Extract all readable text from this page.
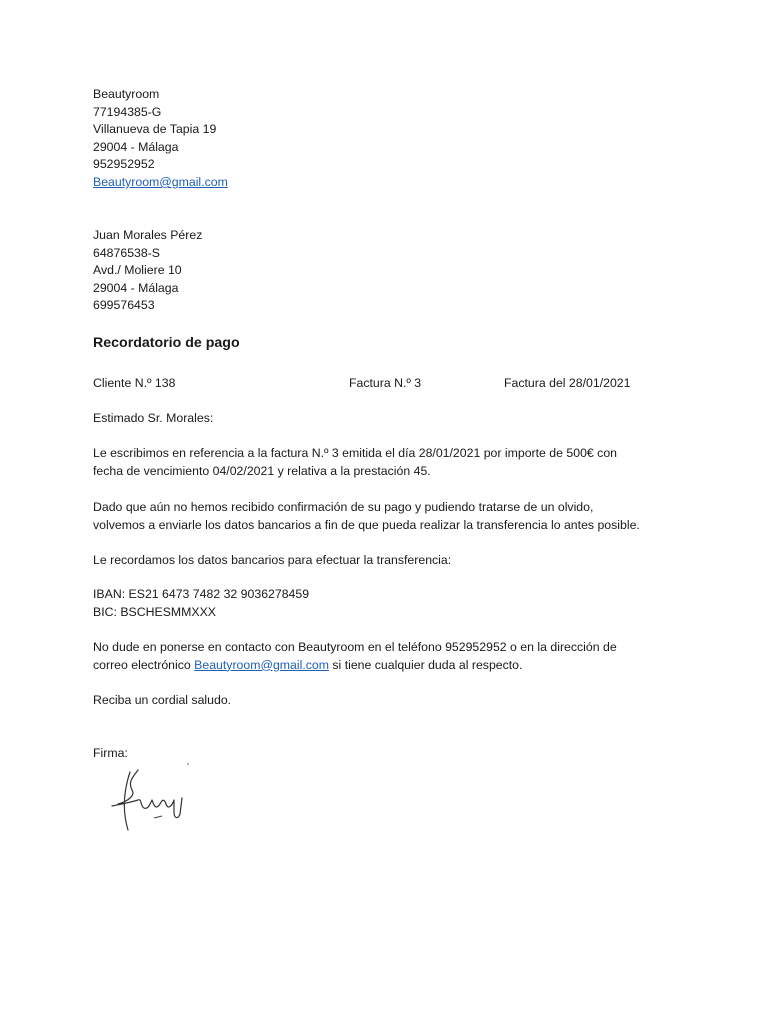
Beautyroom
77194385-G
Villanueva de Tapia 19
29004 - Málaga
952952952
Beautyroom@gmail.com
Juan Morales Pérez
64876538-S
Avd./ Moliere 10
29004 - Málaga
699576453
Recordatorio de pago
Cliente N.º 138	Factura N.º 3	Factura del 28/01/2021
Estimado Sr. Morales:
Le escribimos en referencia a la factura N.º 3 emitida el día 28/01/2021 por importe de 500€ con
fecha de vencimiento 04/02/2021 y relativa a la prestación 45.
Dado que aún no hemos recibido confirmación de su pago y pudiendo tratarse de un olvido,
volvemos a enviarle los datos bancarios a fin de que pueda realizar la transferencia lo antes posible.
Le recordamos los datos bancarios para efectuar la transferencia:
IBAN: ES21 6473 7482 32 9036278459
BIC: BSCHESMMXXX
No dude en ponerse en contacto con Beautyroom en el teléfono 952952952 o en la dirección de
correo electrónico Beautyroom@gmail.com si tiene cualquier duda al respecto.
Reciba un cordial saludo.
Firma:
